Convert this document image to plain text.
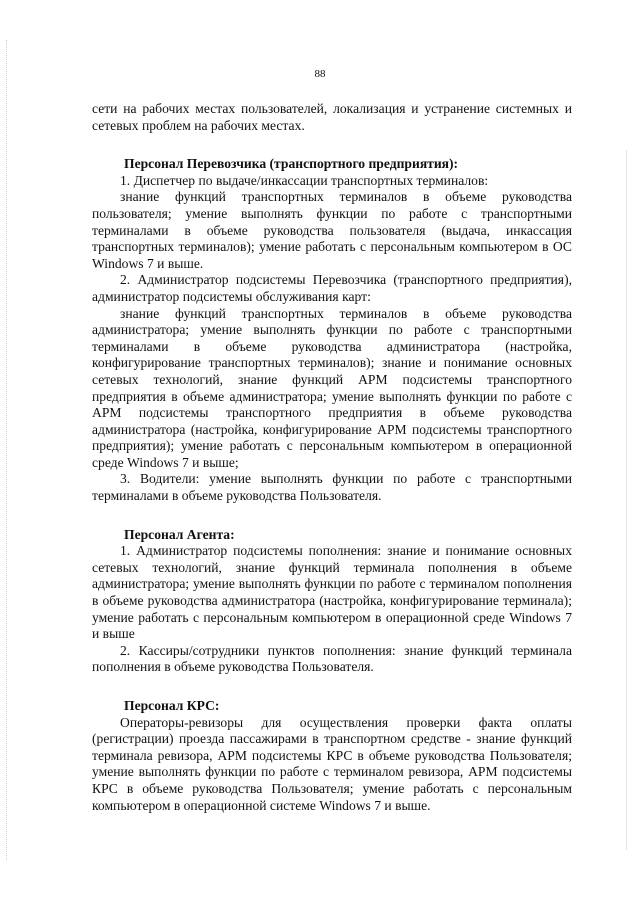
88

сети на рабочих местах пользователей, локализация и устранение системных и сетевых проблем на рабочих местах.

Персонал Перевозчика (транспортного предприятия):

1. Диспетчер по выдаче/инкассации транспортных терминалов:

знание функций транспортных терминалов в объеме руководства пользователя; умение выполнять функции по работе с транспортными терминалами в объеме руководства пользователя (выдача, инкассация транспортных терминалов); умение работать с персональным компьютером в ОС Windows 7 и выше.

2. Администратор подсистемы Перевозчика (транспортного предприятия), администратор подсистемы обслуживания карт:

знание функций транспортных терминалов в объеме руководства администратора; умение выполнять функции по работе с транспортными терминалами в объеме руководства администратора (настройка, конфигурирование транспортных терминалов); знание и понимание основных сетевых технологий, знание функций АРМ подсистемы транспортного предприятия в объеме администратора; умение выполнять функции по работе с АРМ подсистемы транспортного предприятия в объеме руководства администратора (настройка, конфигурирование АРМ подсистемы транспортного предприятия); умение работать с персональным компьютером в операционной среде Windows 7 и выше;

3. Водители: умение выполнять функции по работе с транспортными терминалами в объеме руководства Пользователя.

Персонал Агента:

1. Администратор подсистемы пополнения: знание и понимание основных сетевых технологий, знание функций терминала пополнения в объеме администратора; умение выполнять функции по работе с терминалом пополнения в объеме руководства администратора (настройка, конфигурирование терминала); умение работать с персональным компьютером в операционной среде Windows 7 и выше

2. Кассиры/сотрудники пунктов пополнения: знание функций терминала пополнения в объеме руководства Пользователя.

Персонал КРС:

Операторы-ревизоры для осуществления проверки факта оплаты (регистрации) проезда пассажирами в транспортном средстве - знание функций терминала ревизора, АРМ подсистемы КРС в объеме руководства Пользователя; умение выполнять функции по работе с терминалом ревизора, АРМ подсистемы КРС в объеме руководства Пользователя; умение работать с персональным компьютером в операционной системе Windows 7 и выше.
